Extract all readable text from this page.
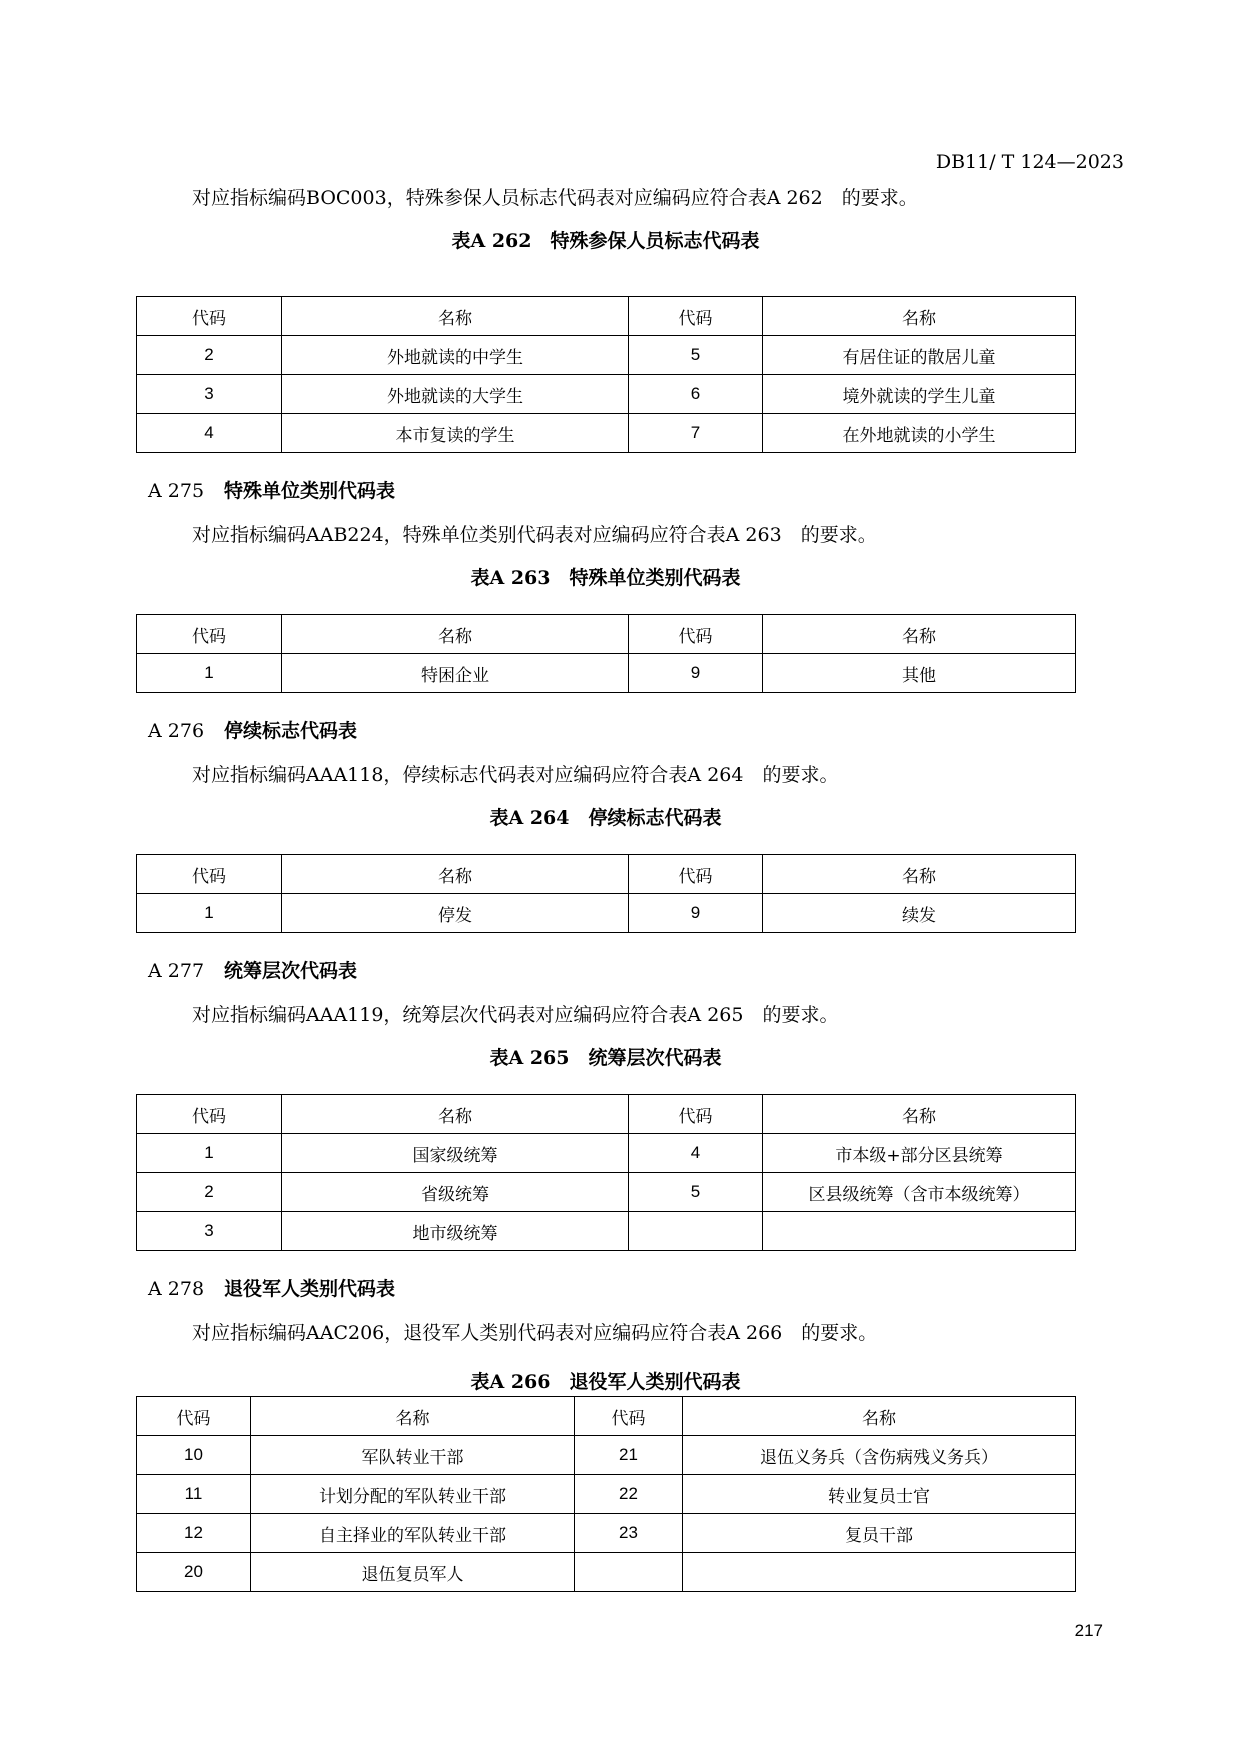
DB11/ T 124—2023
对应指标编码BOC003，特殊参保人员标志代码表对应编码应符合表A 262　的要求。
表A 262　特殊参保人员标志代码表
代码	名称	代码	名称
2	外地就读的中学生	5	有居住证的散居儿童
3	外地就读的大学生	6	境外就读的学生儿童
4	本市复读的学生	7	在外地就读的小学生
A 275 特殊单位类别代码表
对应指标编码AAB224，特殊单位类别代码表对应编码应符合表A 263　的要求。
表A 263　特殊单位类别代码表
代码	名称	代码	名称
1	特困企业	9	其他
A 276 停续标志代码表
对应指标编码AAA118，停续标志代码表对应编码应符合表A 264　的要求。
表A 264　停续标志代码表
代码	名称	代码	名称
1	停发	9	续发
A 277 统筹层次代码表
对应指标编码AAA119，统筹层次代码表对应编码应符合表A 265　的要求。
表A 265　统筹层次代码表
代码	名称	代码	名称
1	国家级统筹	4	市本级+部分区县统筹
2	省级统筹	5	区县级统筹（含市本级统筹）
3	地市级统筹		
A 278 退役军人类别代码表
对应指标编码AAC206，退役军人类别代码表对应编码应符合表A 266　的要求。
表A 266　退役军人类别代码表
代码	名称	代码	名称
10	军队转业干部	21	退伍义务兵（含伤病残义务兵）
11	计划分配的军队转业干部	22	转业复员士官
12	自主择业的军队转业干部	23	复员干部
20	退伍复员军人		
217
